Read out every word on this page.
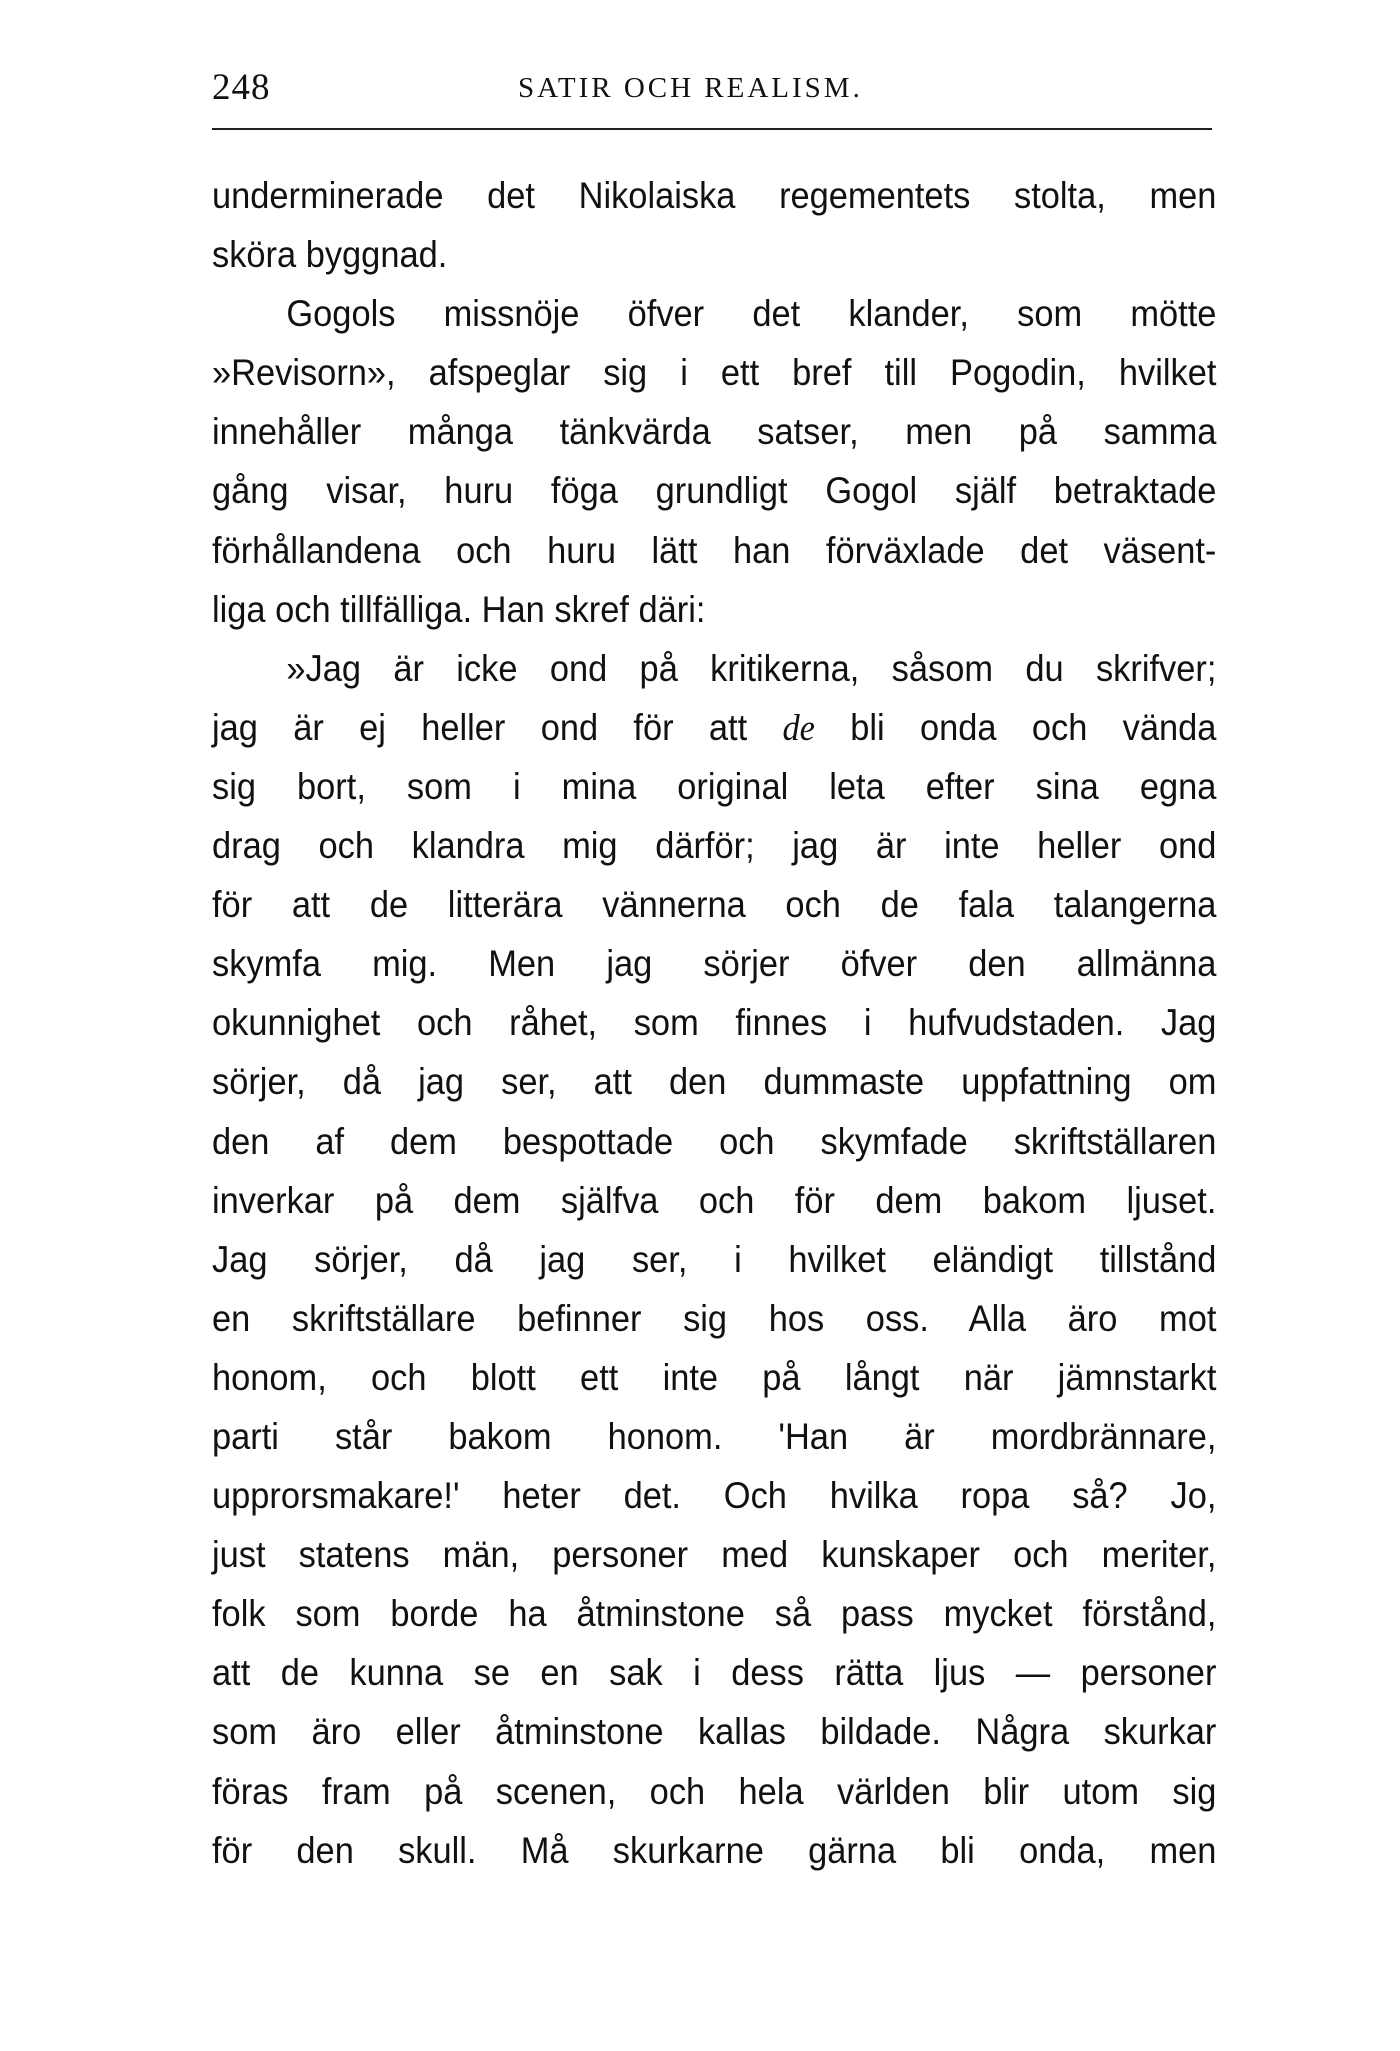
248	SATIR OCH REALISM.
underminerade det Nikolaiska regementets stolta, men
sköra byggnad.
Gogols missnöje öfver det klander, som mötte
»Revisorn», afspeglar sig i ett bref till Pogodin, hvilket
innehåller många tänkvärda satser, men på samma
gång visar, huru föga grundligt Gogol själf betraktade
förhållandena och huru lätt han förväxlade det väsent-
liga och tillfälliga. Han skref däri:
»Jag är icke ond på kritikerna, såsom du skrifver;
jag är ej heller ond för att de bli onda och vända
sig bort, som i mina original leta efter sina egna
drag och klandra mig därför; jag är inte heller ond
för att de litterära vännerna och de fala talangerna
skymfa mig. Men jag sörjer öfver den allmänna
okunnighet och råhet, som finnes i hufvudstaden. Jag
sörjer, då jag ser, att den dummaste uppfattning om
den af dem bespottade och skymfade skriftställaren
inverkar på dem själfva och för dem bakom ljuset.
Jag sörjer, då jag ser, i hvilket eländigt tillstånd
en skriftställare befinner sig hos oss. Alla äro mot
honom, och blott ett inte på långt när jämnstarkt
parti står bakom honom. 'Han är mordbrännare,
upprorsmakare!' heter det. Och hvilka ropa så? Jo,
just statens män, personer med kunskaper och meriter,
folk som borde ha åtminstone så pass mycket förstånd,
att de kunna se en sak i dess rätta ljus — personer
som äro eller åtminstone kallas bildade. Några skurkar
föras fram på scenen, och hela världen blir utom sig
för den skull. Må skurkarne gärna bli onda, men
